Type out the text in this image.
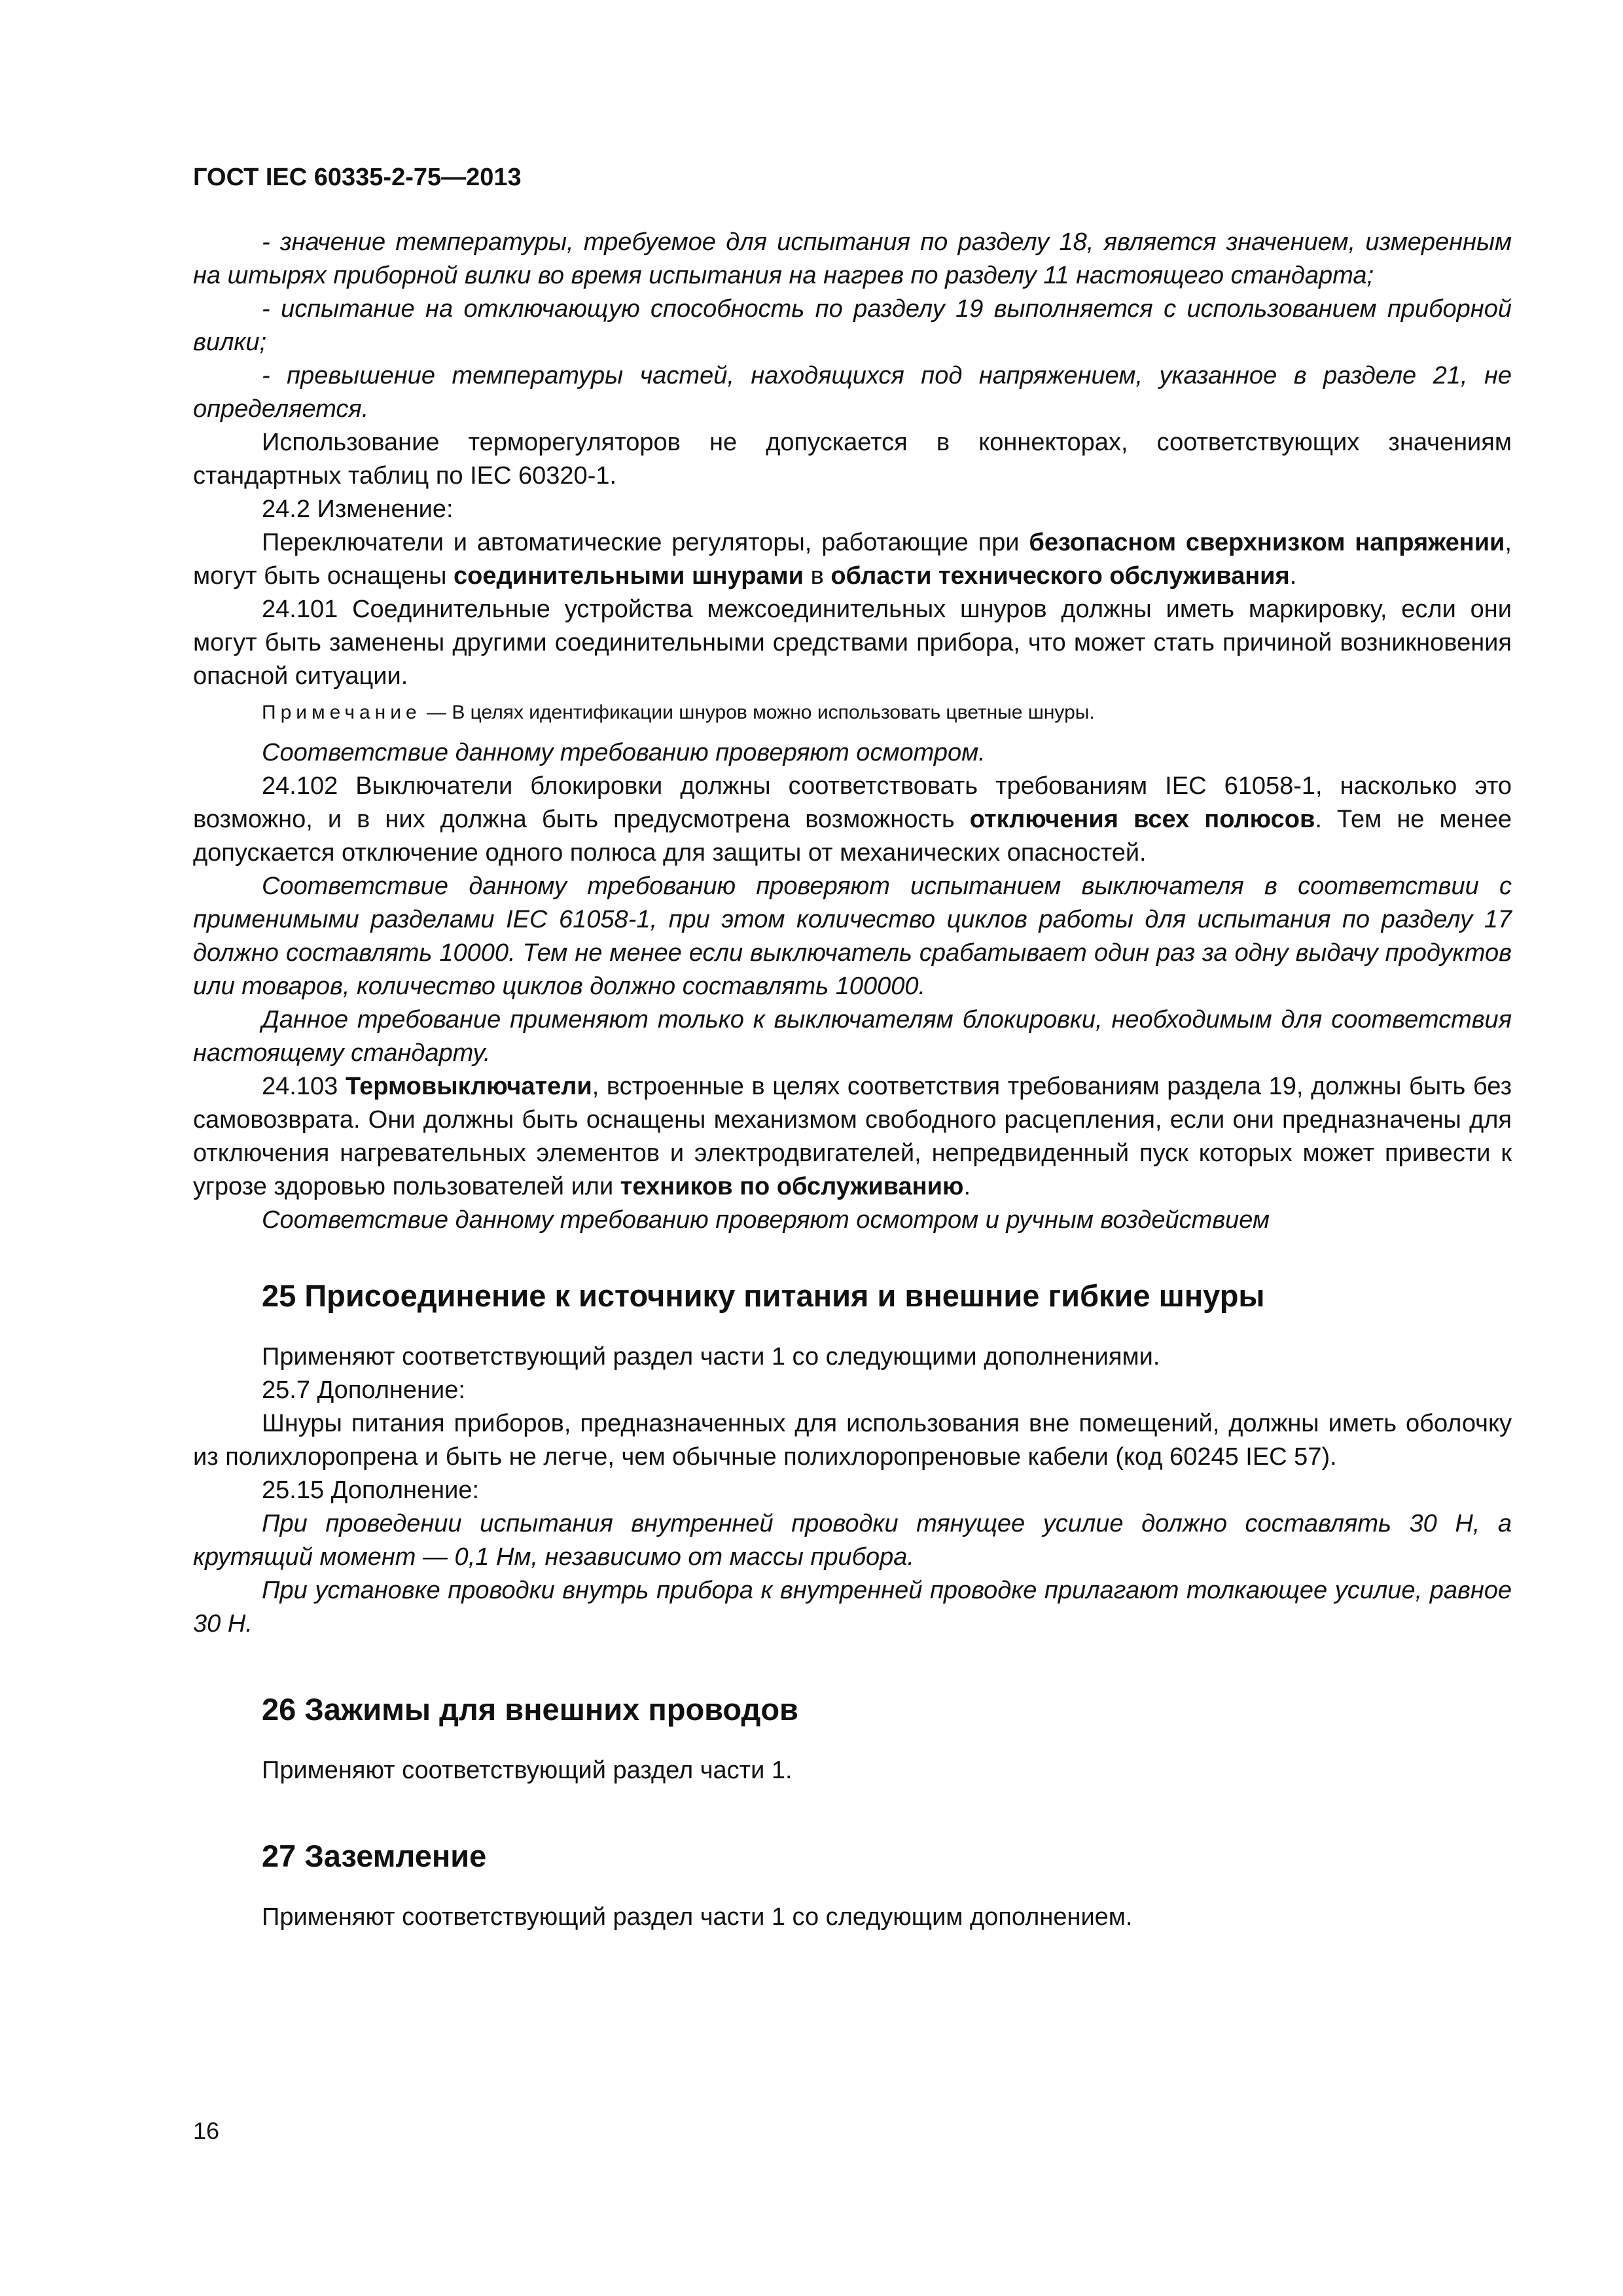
ГОСТ IEC 60335-2-75—2013

- значение температуры, требуемое для испытания по разделу 18, является значением, измеренным на штырях приборной вилки во время испытания на нагрев по разделу 11 настоящего стандарта;

- испытание на отключающую способность по разделу 19 выполняется с использованием приборной вилки;

- превышение температуры частей, находящихся под напряжением, указанное в разделе 21, не определяется.

Использование терморегуляторов не допускается в коннекторах, соответствующих значениям стандартных таблиц по IEC 60320-1.

24.2 Изменение:

Переключатели и автоматические регуляторы, работающие при безопасном сверхнизком напряжении, могут быть оснащены соединительными шнурами в области технического обслуживания.

24.101 Соединительные устройства межсоединительных шнуров должны иметь маркировку, если они могут быть заменены другими соединительными средствами прибора, что может стать причиной возникновения опасной ситуации.

Примечание — В целях идентификации шнуров можно использовать цветные шнуры.

Соответствие данному требованию проверяют осмотром.

24.102 Выключатели блокировки должны соответствовать требованиям IEC 61058-1, насколько это возможно, и в них должна быть предусмотрена возможность отключения всех полюсов. Тем не менее допускается отключение одного полюса для защиты от механических опасностей.

Соответствие данному требованию проверяют испытанием выключателя в соответствии с применимыми разделами IEC 61058-1, при этом количество циклов работы для испытания по разделу 17 должно составлять 10000. Тем не менее если выключатель срабатывает один раз за одну выдачу продуктов или товаров, количество циклов должно составлять 100000.

Данное требование применяют только к выключателям блокировки, необходимым для соответствия настоящему стандарту.

24.103 Термовыключатели, встроенные в целях соответствия требованиям раздела 19, должны быть без самовозврата. Они должны быть оснащены механизмом свободного расцепления, если они предназначены для отключения нагревательных элементов и электродвигателей, непредвиденный пуск которых может привести к угрозе здоровью пользователей или техников по обслуживанию.

Соответствие данному требованию проверяют осмотром и ручным воздействием

25 Присоединение к источнику питания и внешние гибкие шнуры

Применяют соответствующий раздел части 1 со следующими дополнениями.

25.7 Дополнение:

Шнуры питания приборов, предназначенных для использования вне помещений, должны иметь оболочку из полихлоропрена и быть не легче, чем обычные полихлоропреновые кабели (код 60245 IEC 57).

25.15 Дополнение:

При проведении испытания внутренней проводки тянущее усилие должно составлять 30 Н, а крутящий момент — 0,1 Нм, независимо от массы прибора.

При установке проводки внутрь прибора к внутренней проводке прилагают толкающее усилие, равное 30 Н.

26 Зажимы для внешних проводов

Применяют соответствующий раздел части 1.

27 Заземление

Применяют соответствующий раздел части 1 со следующим дополнением.

16
